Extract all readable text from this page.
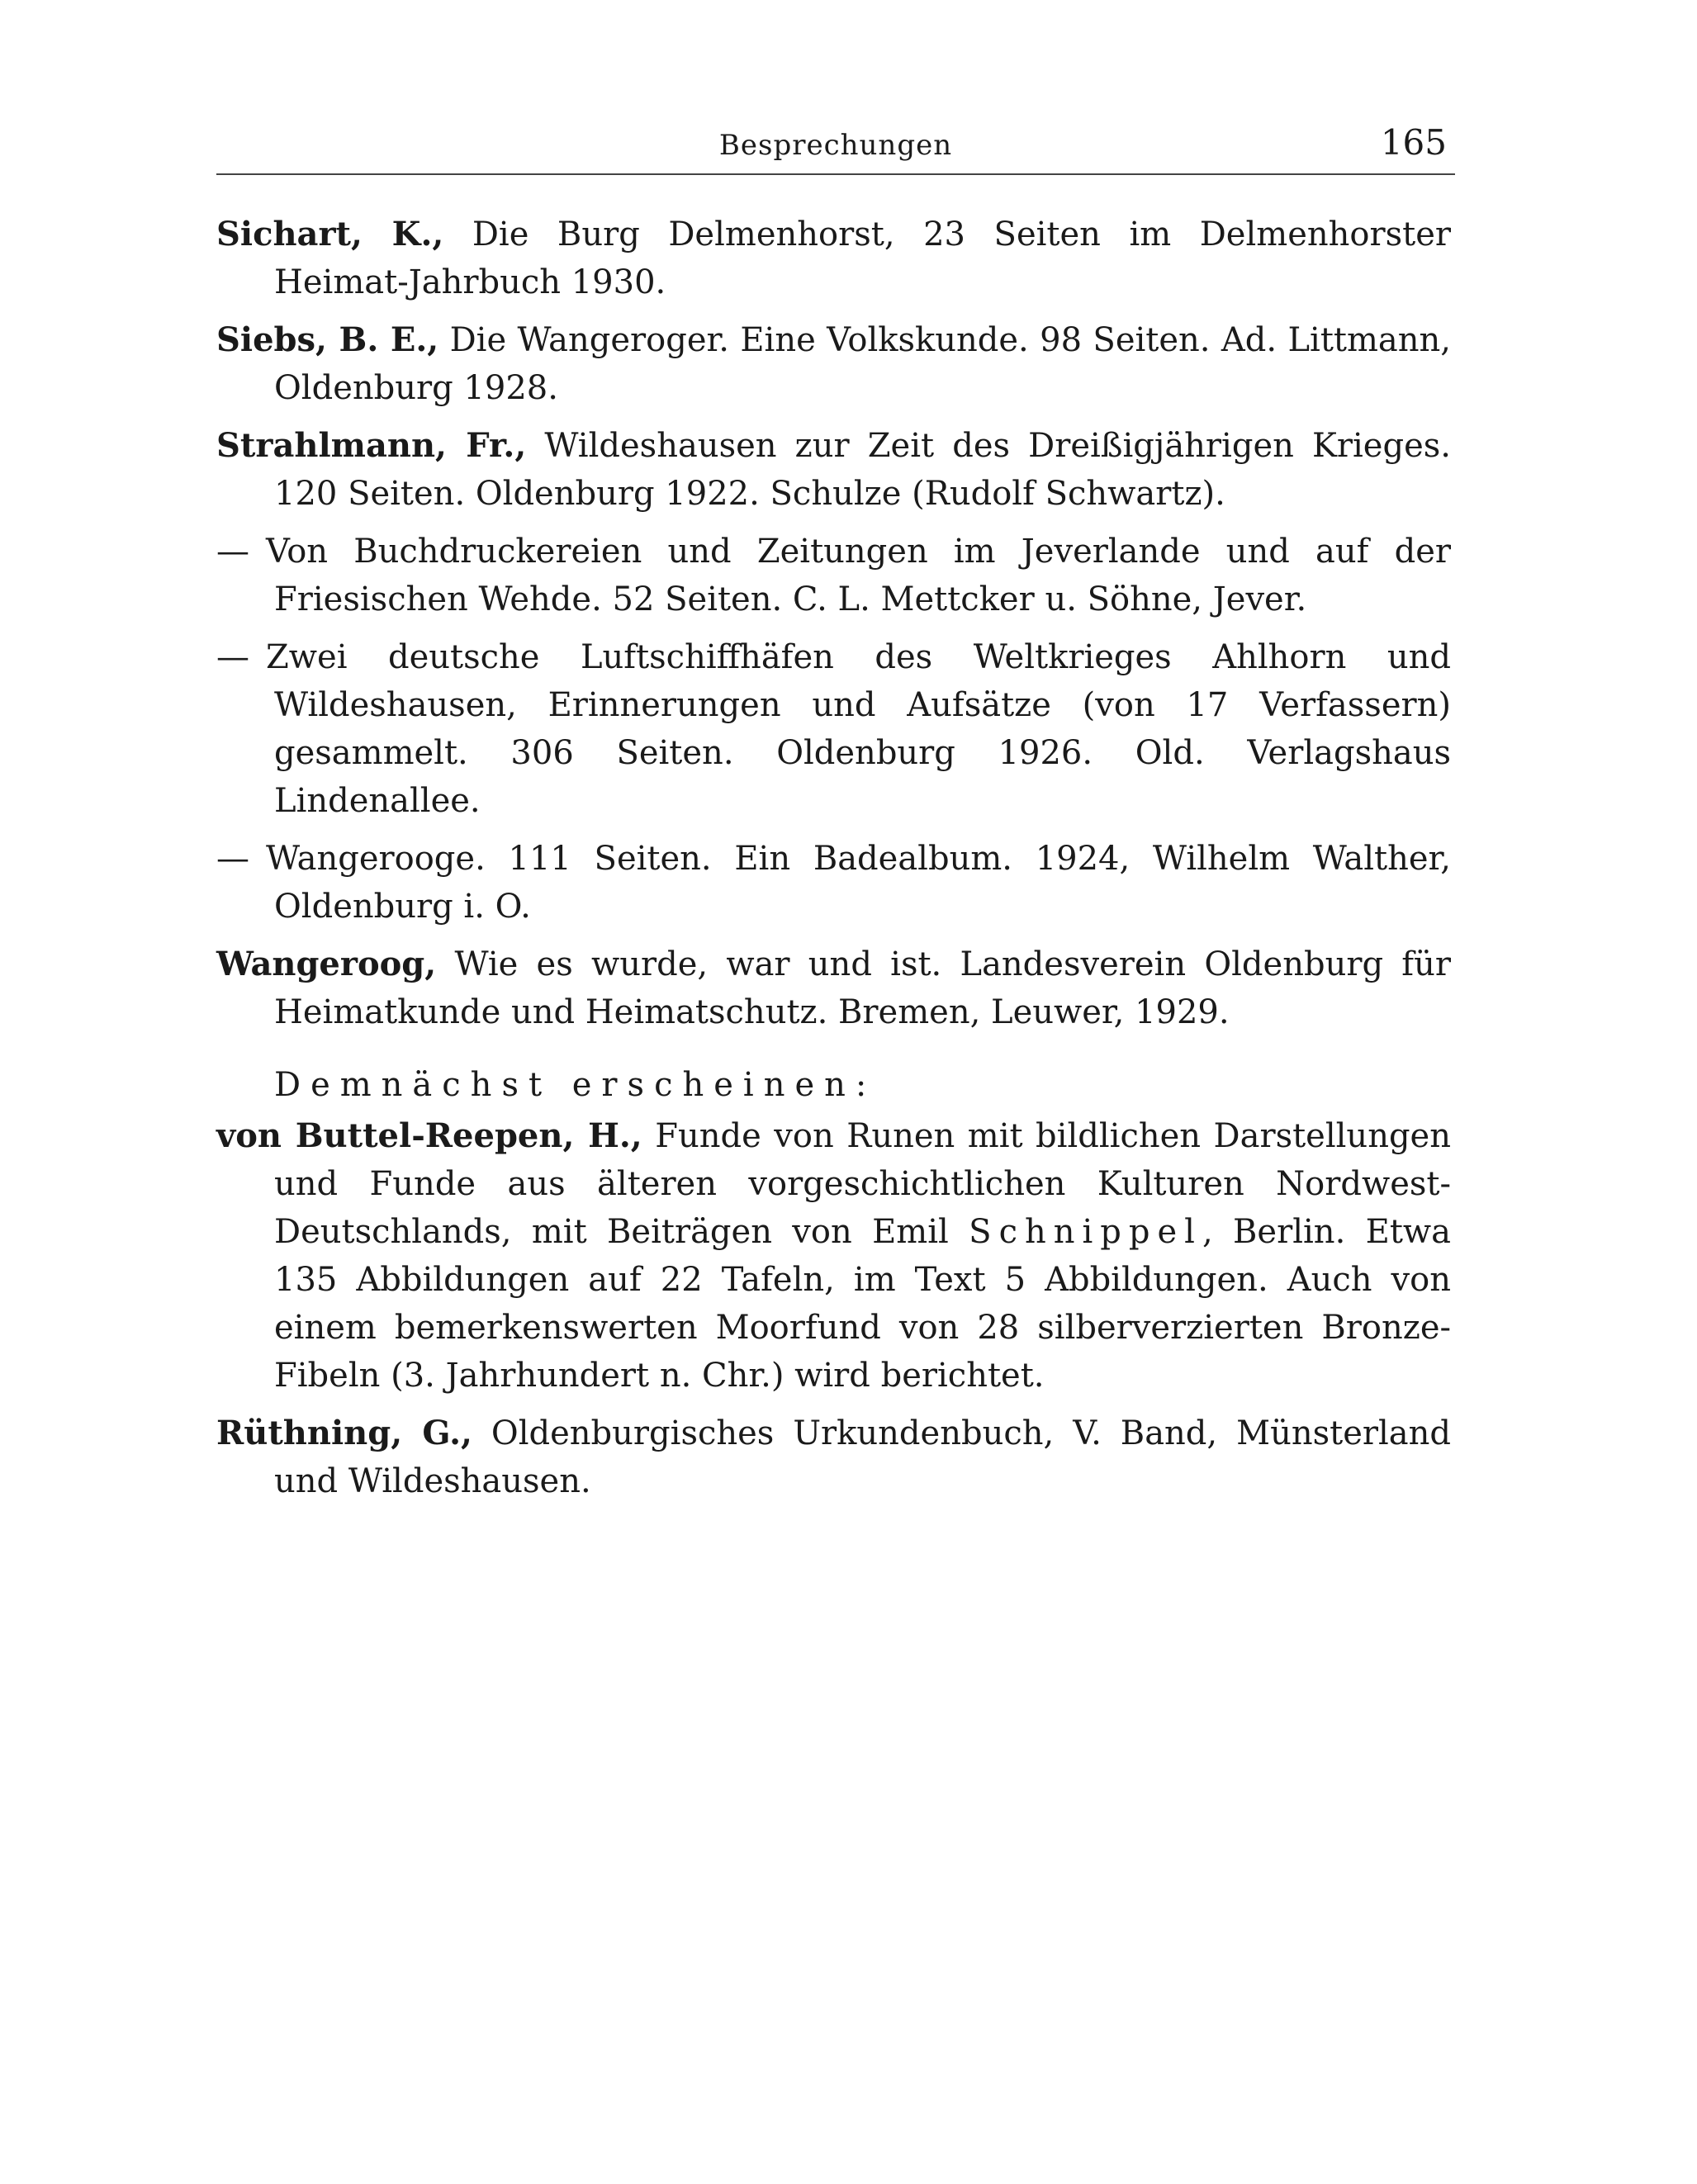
Besprechungen	165
Sichart, K., Die Burg Delmenhorst, 23 Seiten im Delmenhorster Heimat-Jahrbuch 1930.
Siebs, B. E., Die Wangeroger. Eine Volkskunde. 98 Seiten. Ad. Littmann, Oldenburg 1928.
Strahlmann, Fr., Wildeshausen zur Zeit des Dreißigjährigen Krieges. 120 Seiten. Oldenburg 1922. Schulze (Rudolf Schwartz).
— Von Buchdruckereien und Zeitungen im Jeverlande und auf der Friesischen Wehde. 52 Seiten. C. L. Mettcker u. Söhne, Jever.
— Zwei deutsche Luftschiffhäfen des Weltkrieges Ahlhorn und Wildeshausen, Erinnerungen und Aufsätze (von 17 Verfassern) gesammelt. 306 Seiten. Oldenburg 1926. Old. Verlagshaus Lindenallee.
— Wangerooge. 111 Seiten. Ein Badealbum. 1924, Wilhelm Walther, Oldenburg i. O.
Wangeroog, Wie es wurde, war und ist. Landesverein Oldenburg für Heimatkunde und Heimatschutz. Bremen, Leuwer, 1929.
Demnächst erscheinen:
von Buttel-Reepen, H., Funde von Runen mit bildlichen Darstellungen und Funde aus älteren vorgeschichtlichen Kulturen Nordwest-Deutschlands, mit Beiträgen von Emil Schnippel, Berlin. Etwa 135 Abbildungen auf 22 Tafeln, im Text 5 Abbildungen. Auch von einem bemerkenswerten Moorfund von 28 silberverzierten Bronze-Fibeln (3. Jahrhundert n. Chr.) wird berichtet.
Rüthning, G., Oldenburgisches Urkundenbuch, V. Band, Münsterland und Wildeshausen.
